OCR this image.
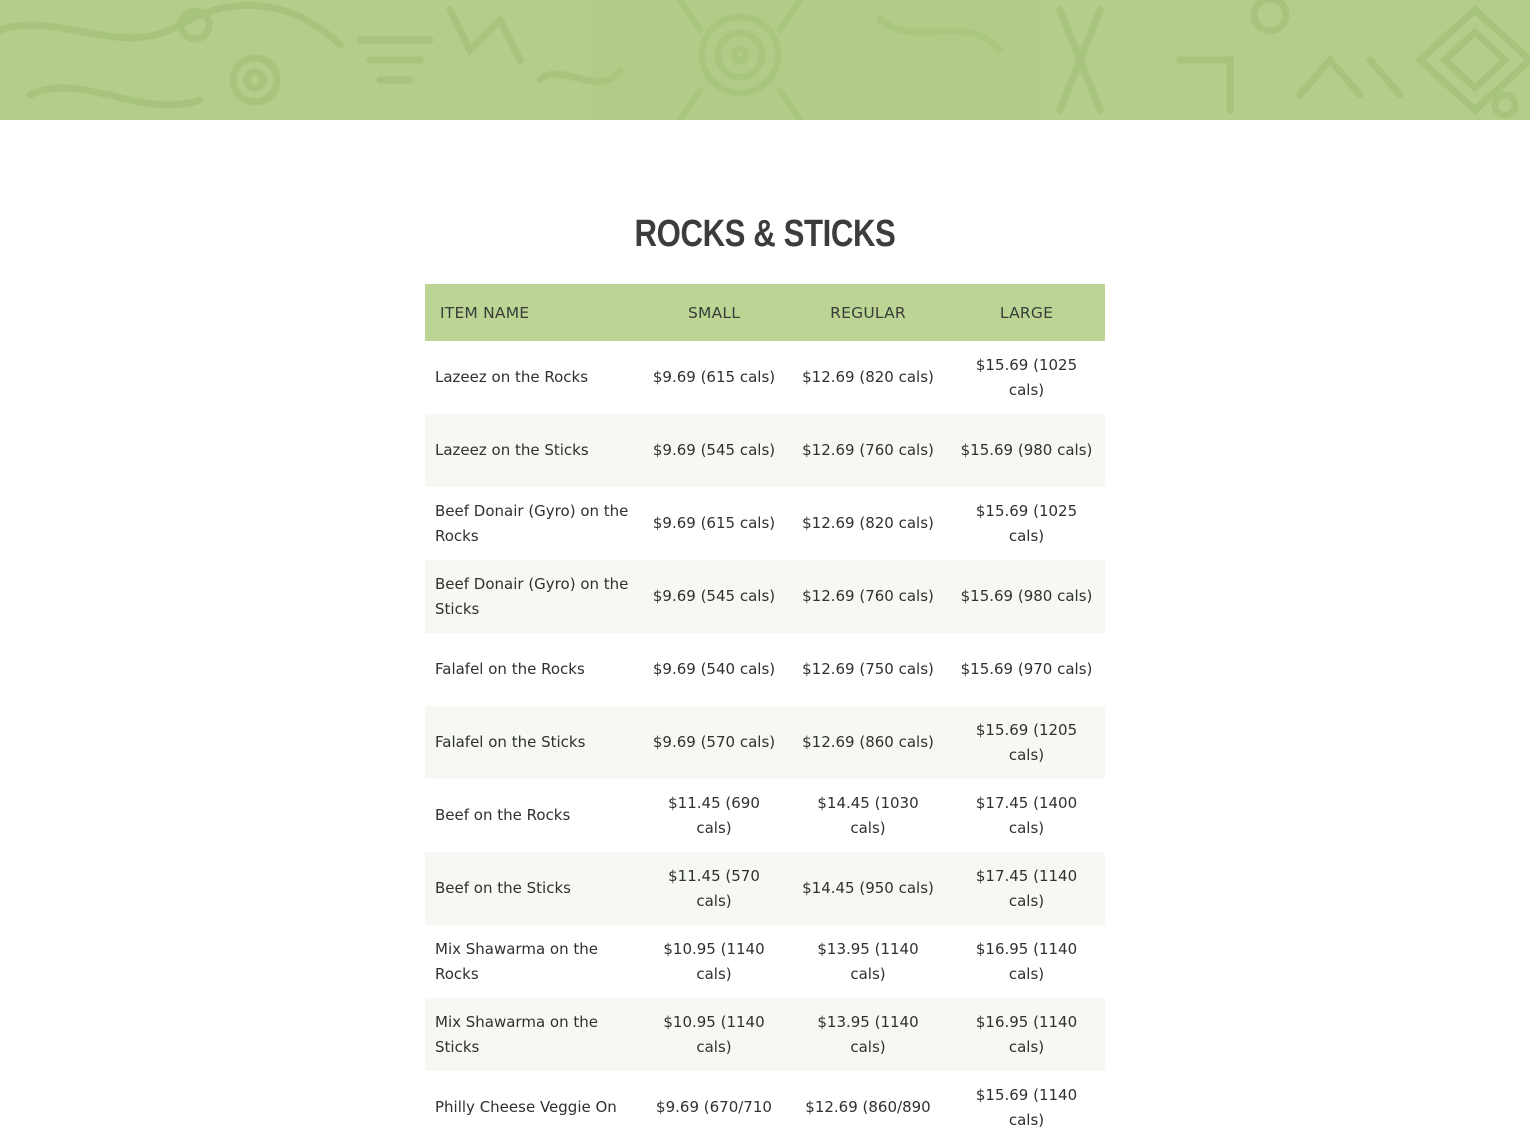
ROCKS & STICKS
ITEM NAME	SMALL	REGULAR	LARGE
Lazeez on the Rocks	$9.69 (615 cals)	$12.69 (820 cals)	$15.69 (1025 cals)
Lazeez on the Sticks	$9.69 (545 cals)	$12.69 (760 cals)	$15.69 (980 cals)
Beef Donair (Gyro) on the Rocks	$9.69 (615 cals)	$12.69 (820 cals)	$15.69 (1025 cals)
Beef Donair (Gyro) on the Sticks	$9.69 (545 cals)	$12.69 (760 cals)	$15.69 (980 cals)
Falafel on the Rocks	$9.69 (540 cals)	$12.69 (750 cals)	$15.69 (970 cals)
Falafel on the Sticks	$9.69 (570 cals)	$12.69 (860 cals)	$15.69 (1205 cals)
Beef on the Rocks	$11.45 (690 cals)	$14.45 (1030 cals)	$17.45 (1400 cals)
Beef on the Sticks	$11.45 (570 cals)	$14.45 (950 cals)	$17.45 (1140 cals)
Mix Shawarma on the Rocks	$10.95 (1140 cals)	$13.95 (1140 cals)	$16.95 (1140 cals)
Mix Shawarma on the Sticks	$10.95 (1140 cals)	$13.95 (1140 cals)	$16.95 (1140 cals)
Philly Cheese Veggie On	$9.69 (670/710	$12.69 (860/890	$15.69 (1140 cals)
